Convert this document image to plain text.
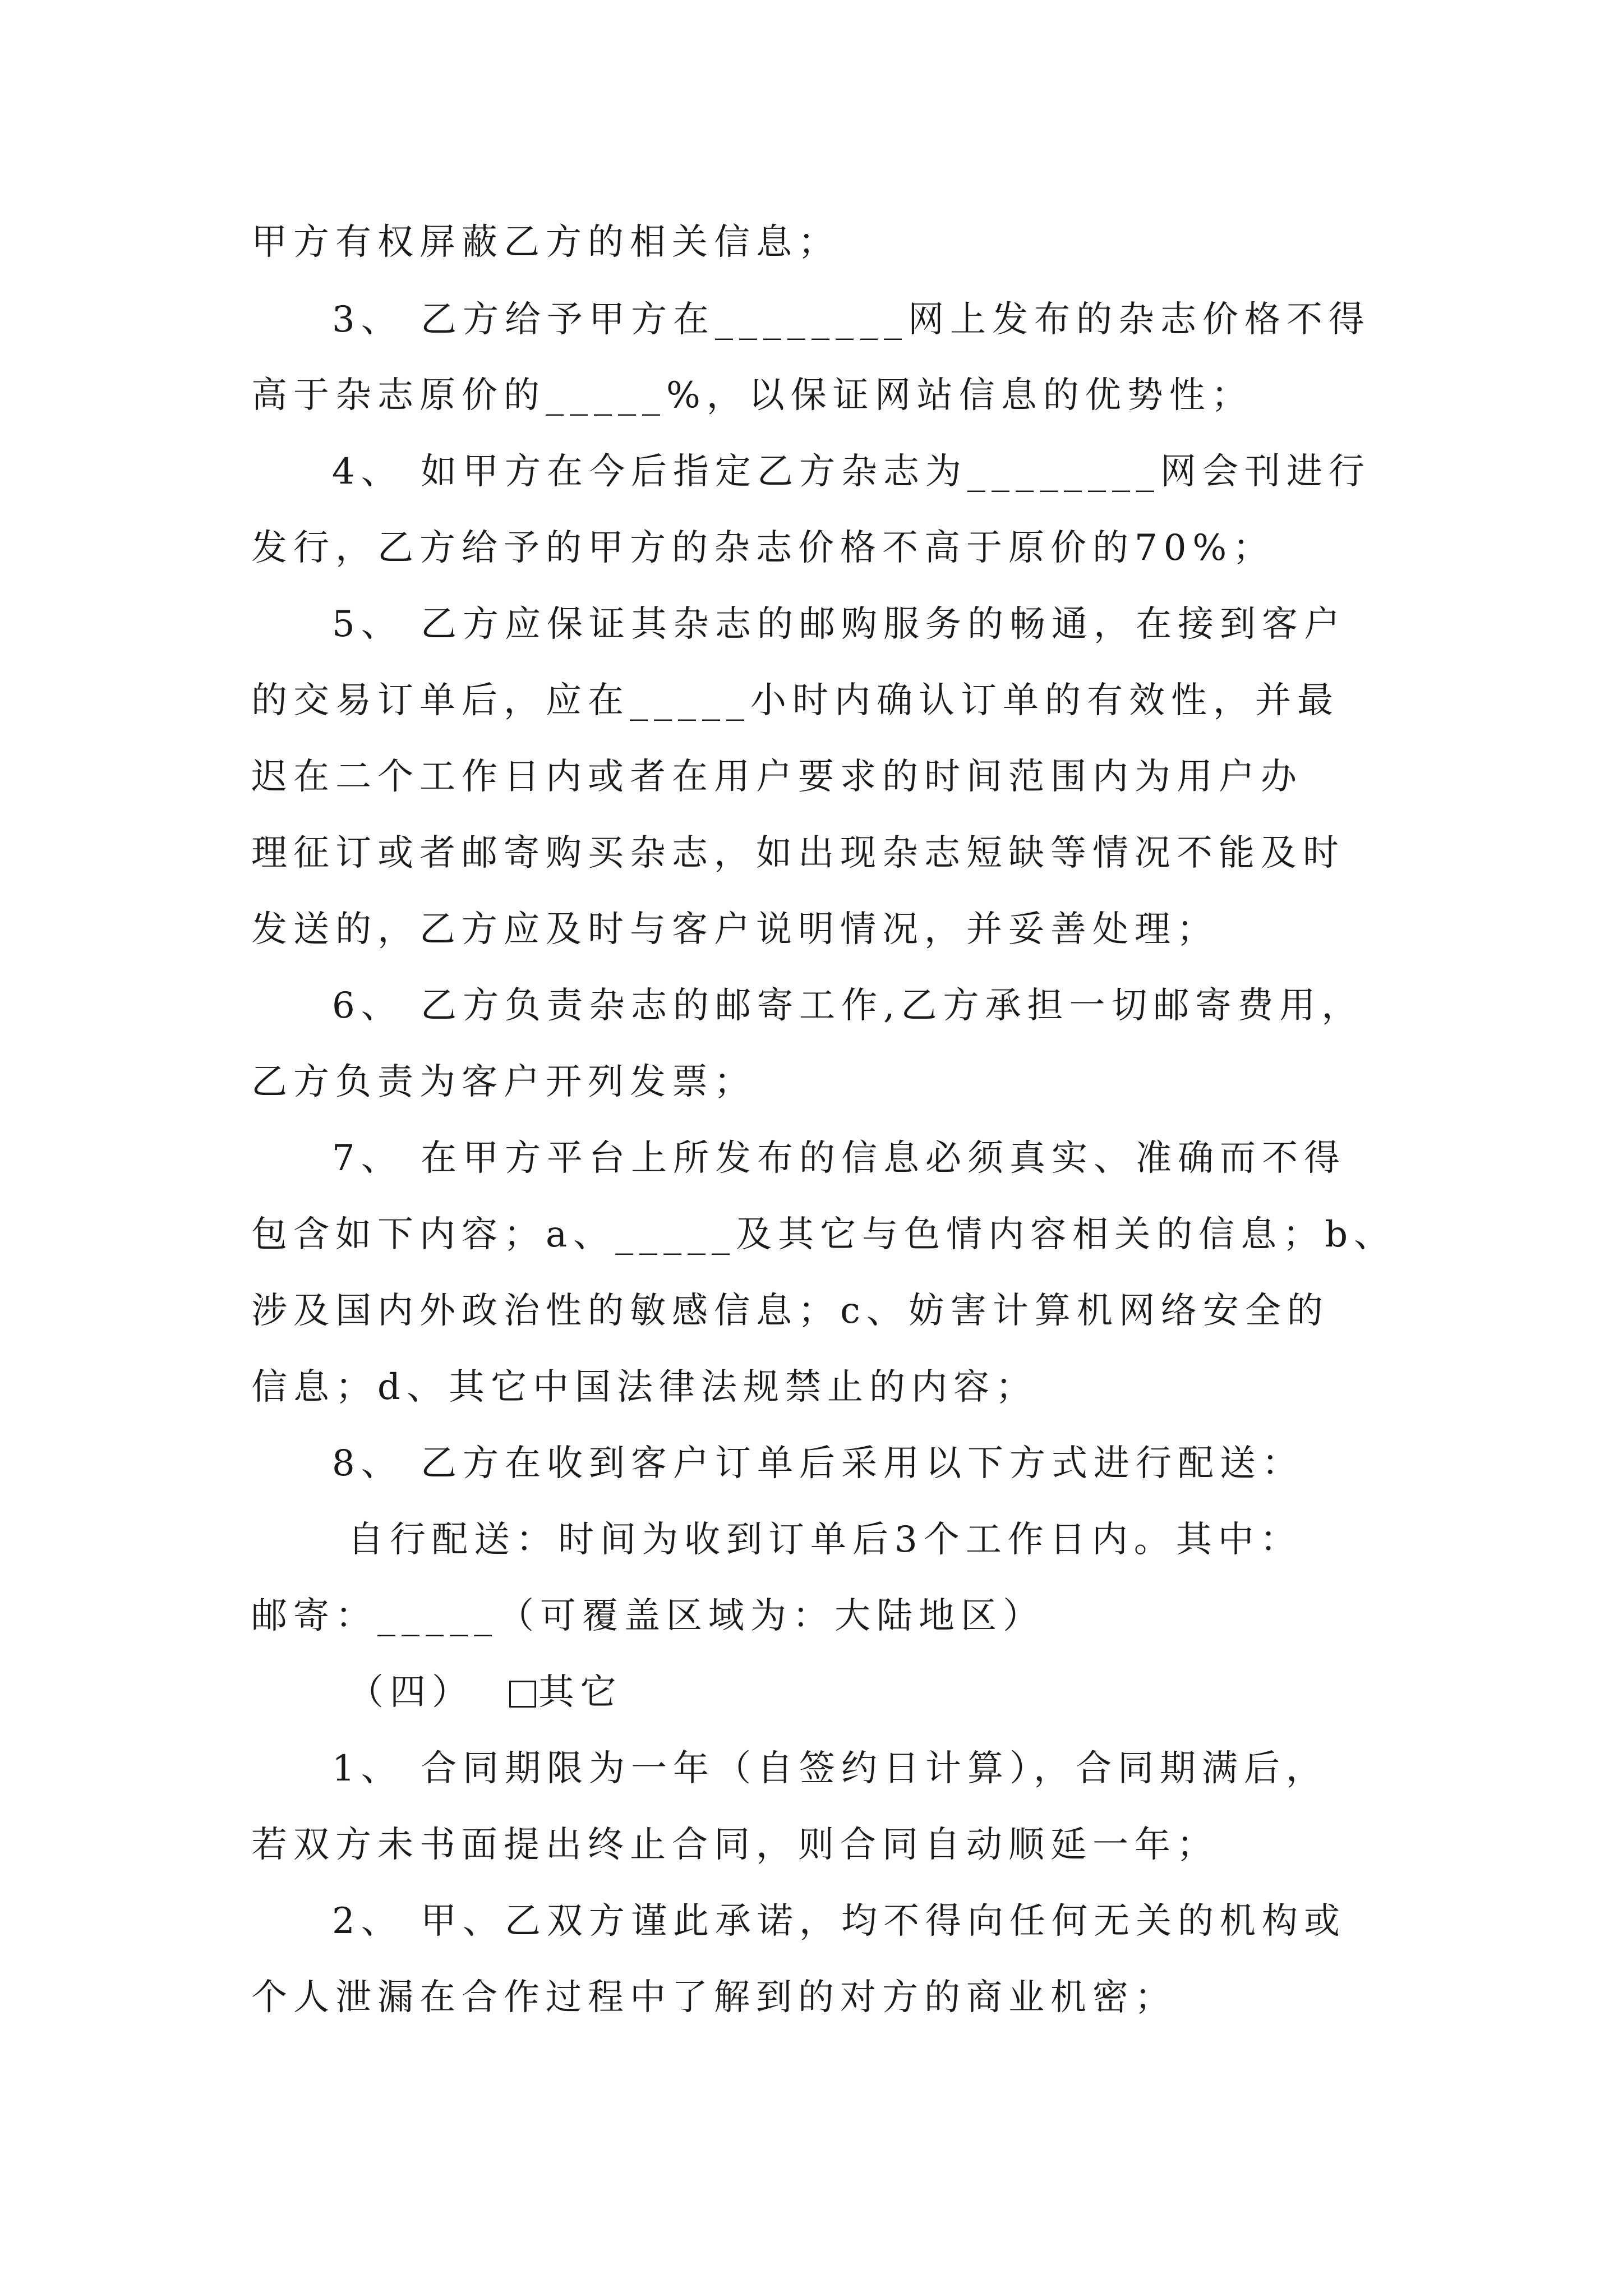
甲方有权屏蔽乙方的相关信息；
3、 乙方给予甲方在________网上发布的杂志价格不得
高于杂志原价的_____%，以保证网站信息的优势性；
4、 如甲方在今后指定乙方杂志为________网会刊进行
发行，乙方给予的甲方的杂志价格不高于原价的70%；
5、 乙方应保证其杂志的邮购服务的畅通，在接到客户
的交易订单后，应在_____小时内确认订单的有效性，并最
迟在二个工作日内或者在用户要求的时间范围内为用户办
理征订或者邮寄购买杂志，如出现杂志短缺等情况不能及时
发送的，乙方应及时与客户说明情况，并妥善处理；
6、 乙方负责杂志的邮寄工作,乙方承担一切邮寄费用，
乙方负责为客户开列发票；
7、 在甲方平台上所发布的信息必须真实、准确而不得
包含如下内容；a、_____及其它与色情内容相关的信息；b、
涉及国内外政治性的敏感信息；c、妨害计算机网络安全的
信息；d、其它中国法律法规禁止的内容；
8、 乙方在收到客户订单后采用以下方式进行配送：
自行配送：时间为收到订单后3个工作日内。其中：
邮寄：_____（可覆盖区域为：大陆地区）
（四） 其它
1、 合同期限为一年（自签约日计算），合同期满后，
若双方未书面提出终止合同，则合同自动顺延一年；
2、 甲、乙双方谨此承诺，均不得向任何无关的机构或
个人泄漏在合作过程中了解到的对方的商业机密；
